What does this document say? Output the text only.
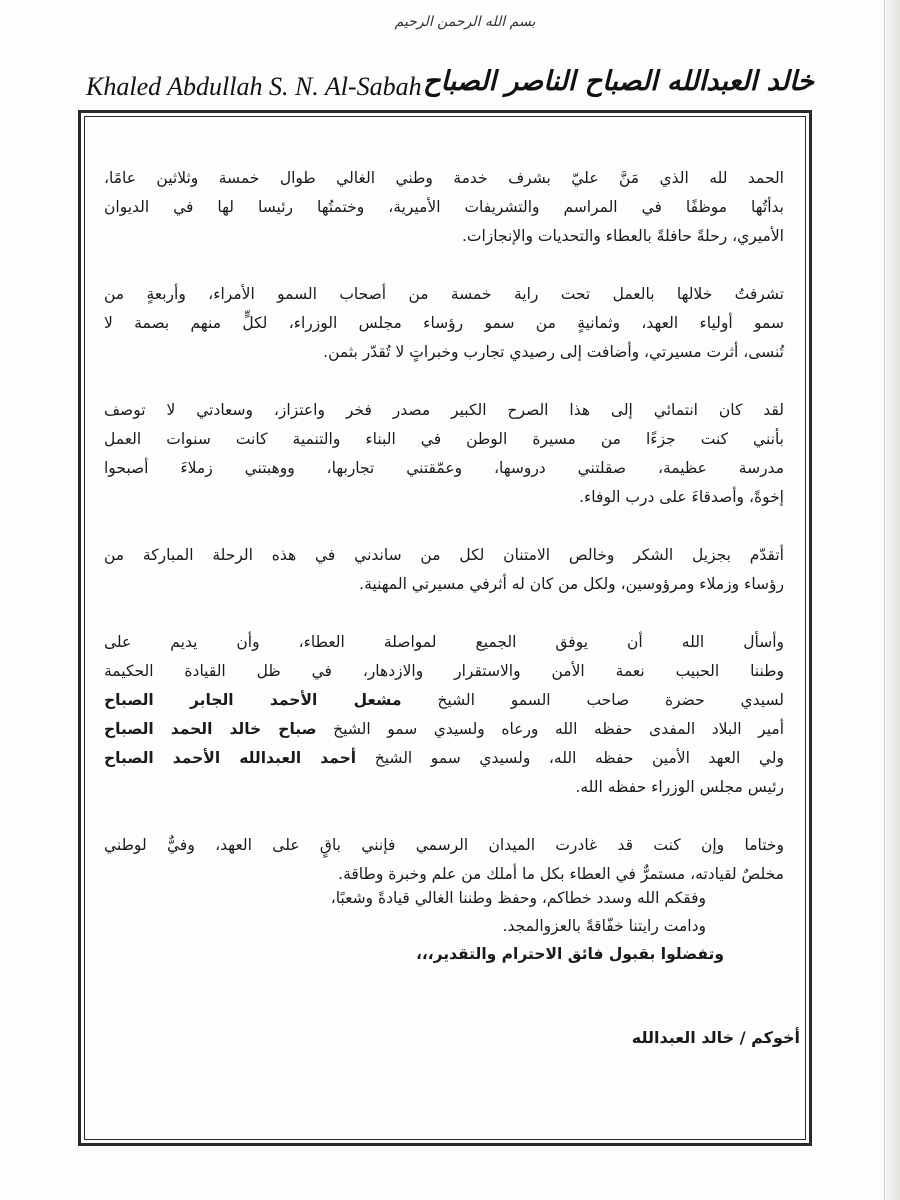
بسم الله الرحمن الرحيم
Khaled Abdullah S. N. Al-Sabah خالد العبدالله الصباح الناصر الصباح

الحمد لله الذي مَنَّ عليّ بشرف خدمة وطني الغالي طوال خمسة وثلاثين عامًا،
بدأتُها موظفًا في المراسم والتشريفات الأميرية، وختمتُها رئيسا لها في الديوان
الأميري، رحلةً حافلةً بالعطاء والتحديات والإنجازات.

تشرفتُ خلالها بالعمل تحت راية خمسة من أصحاب السمو الأمراء، وأربعةٍ من
سمو أولياء العهد، وثمانيةٍ من سمو رؤساء مجلس الوزراء، لكلٍّ منهم بصمة لا
تُنسى، أثرت مسيرتي، وأضافت إلى رصيدي تجارب وخبراتٍ لا تُقدّر بثمن.

لقد كان انتمائي إلى هذا الصرح الكبير مصدر فخر واعتزاز، وسعادتي لا توصف
بأنني كنت جزءًا من مسيرة الوطن في البناء والتنمية كانت سنوات العمل
مدرسة عظيمة، صقلتني دروسها، وعمّقتني تجاربها، ووهبتني زملاءَ أصبحوا
إخوةً، وأصدقاءَ على درب الوفاء.

أتقدّم بجزيل الشكر وخالص الامتنان لكل من ساندني في هذه الرحلة المباركة من
رؤساء وزملاء ومرؤوسين، ولكل من كان له أثرفي مسيرتي المهنية.

وأسأل الله أن يوفق الجميع لمواصلة العطاء، وأن يديم على
وطننا الحبيب نعمة الأمن والاستقرار والازدهار، في ظل القيادة الحكيمة
لسيدي حضرة صاحب السمو الشيخ مشعل الأحمد الجابر الصباح
أمير البلاد المفدى حفظه الله ورعاه ولسيدي سمو الشيخ صباح خالد الحمد الصباح
ولي العهد الأمين حفظه الله، ولسيدي سمو الشيخ أحمد العبدالله الأحمد الصباح
رئيس مجلس الوزراء حفظه الله.

وختاما وإن كنت قد غادرت الميدان الرسمي فإنني باقٍ على العهد، وفيٌّ لوطني
مخلصٌ لقيادته، مستمرٌّ في العطاء بكل ما أملك من علم وخبرة وطاقة.

وفقكم الله وسدد خطاكم، وحفظ وطننا الغالي قيادةً وشعبًا،
ودامت رايتنا خفّاقةً بالعزوالمجد.
وتفضلوا بقبول فائق الاحترام والتقدير،،،
أخوكم / خالد العبدالله
